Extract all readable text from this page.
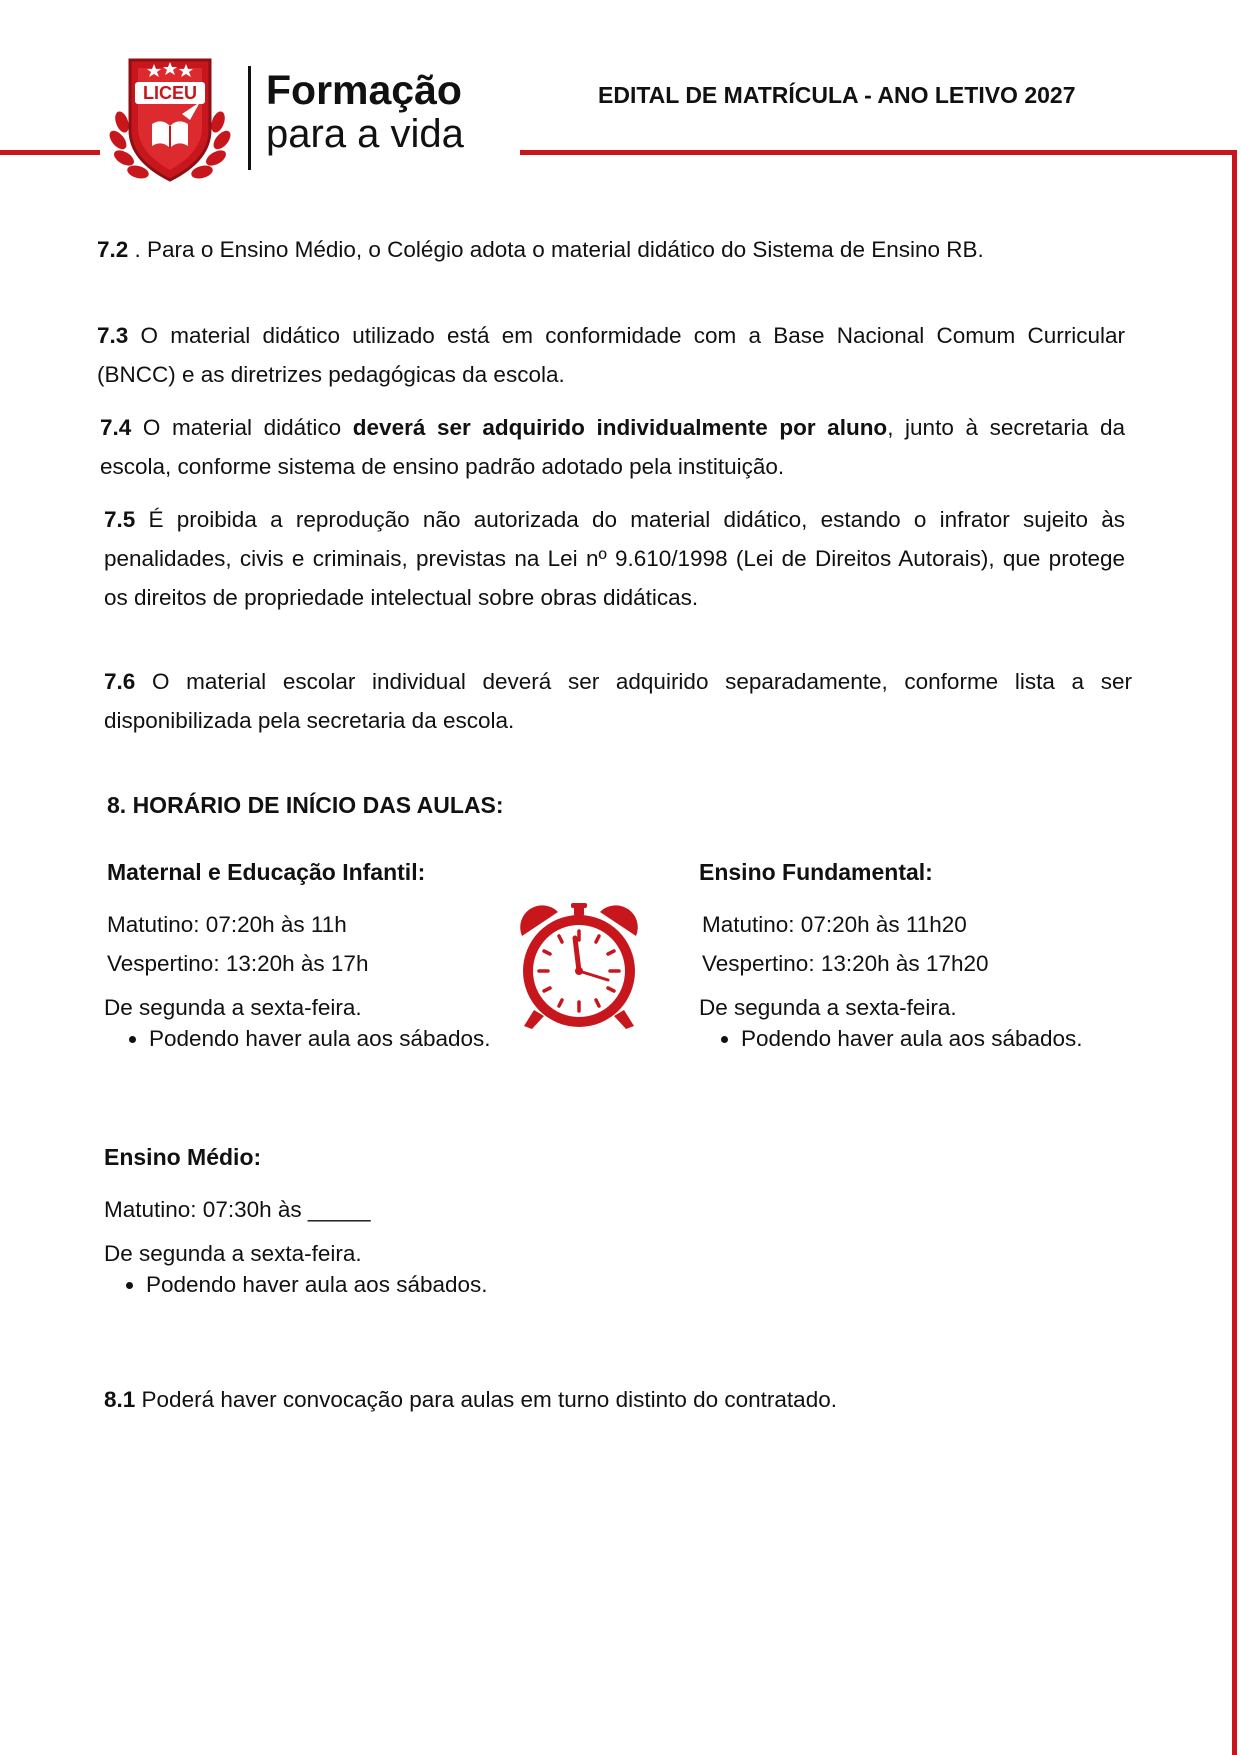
LICEU Formação
para a vida
EDITAL DE MATRÍCULA - ANO LETIVO 2027

7.2 . Para o Ensino Médio, o Colégio adota o material didático do Sistema de Ensino RB.

7.3 O material didático utilizado está em conformidade com a Base Nacional Comum Curricular (BNCC) e as diretrizes pedagógicas da escola.

7.4 O material didático deverá ser adquirido individualmente por aluno, junto à secretaria da escola, conforme sistema de ensino padrão adotado pela instituição.

7.5 É proibida a reprodução não autorizada do material didático, estando o infrator sujeito às penalidades, civis e criminais, previstas na Lei nº 9.610/1998 (Lei de Direitos Autorais), que protege os direitos de propriedade intelectual sobre obras didáticas.

7.6 O material escolar individual deverá ser adquirido separadamente, conforme lista a ser disponibilizada pela secretaria da escola.

8. HORÁRIO DE INÍCIO DAS AULAS:
Maternal e Educação Infantil:

Matutino: 07:20h às 11h

Vespertino: 13:20h às 17h

De segunda a sexta-feira.

• Podendo haver aula aos sábados.
Ensino Fundamental:

Matutino: 07:20h às 11h20

Vespertino: 13:20h às 17h20

De segunda a sexta-feira.

• Podendo haver aula aos sábados.
Ensino Médio:

Matutino: 07:30h às _____

De segunda a sexta-feira.

• Podendo haver aula aos sábados.

8.1 Poderá haver convocação para aulas em turno distinto do contratado.
